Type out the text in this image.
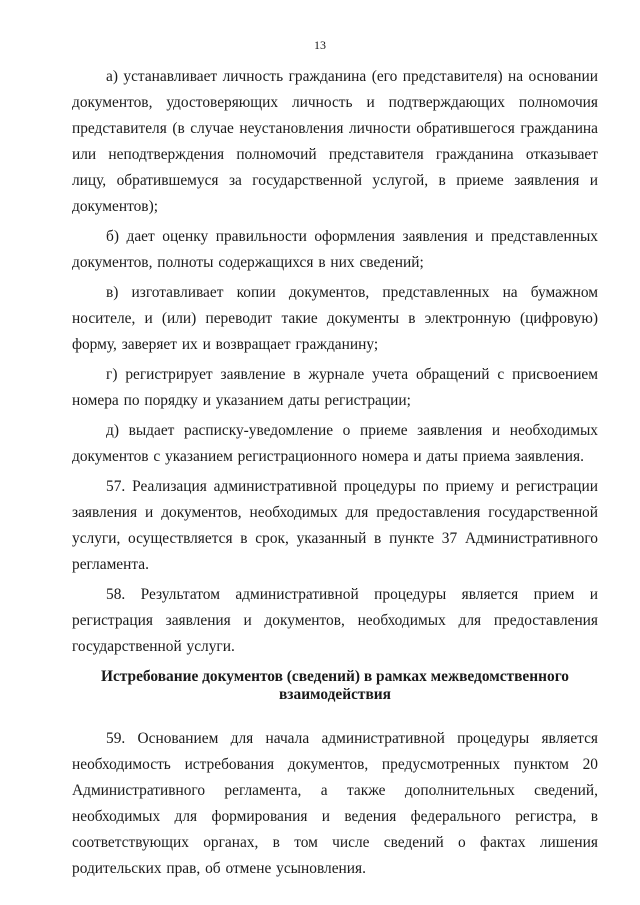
13

а) устанавливает личность гражданина (его представителя) на основании документов, удостоверяющих личность и подтверждающих полномочия представителя (в случае неустановления личности обратившегося гражданина или неподтверждения полномочий представителя гражданина отказывает лицу, обратившемуся за государственной услугой, в приеме заявления и документов);

б) дает оценку правильности оформления заявления и представленных документов, полноты содержащихся в них сведений;

в) изготавливает копии документов, представленных на бумажном носителе, и (или) переводит такие документы в электронную (цифровую) форму, заверяет их и возвращает гражданину;

г) регистрирует заявление в журнале учета обращений с присвоением номера по порядку и указанием даты регистрации;

д) выдает расписку-уведомление о приеме заявления и необходимых документов с указанием регистрационного номера и даты приема заявления.

57. Реализация административной процедуры по приему и регистрации заявления и документов, необходимых для предоставления государственной услуги, осуществляется в срок, указанный в пункте 37 Административного регламента.

58. Результатом административной процедуры является прием и регистрация заявления и документов, необходимых для предоставления государственной услуги.

Истребование документов (сведений) в рамках межведомственного взаимодействия

59. Основанием для начала административной процедуры является необходимость истребования документов, предусмотренных пунктом 20 Административного регламента, а также дополнительных сведений, необходимых для формирования и ведения федерального регистра, в соответствующих органах, в том числе сведений о фактах лишения родительских прав, об отмене усыновления.
